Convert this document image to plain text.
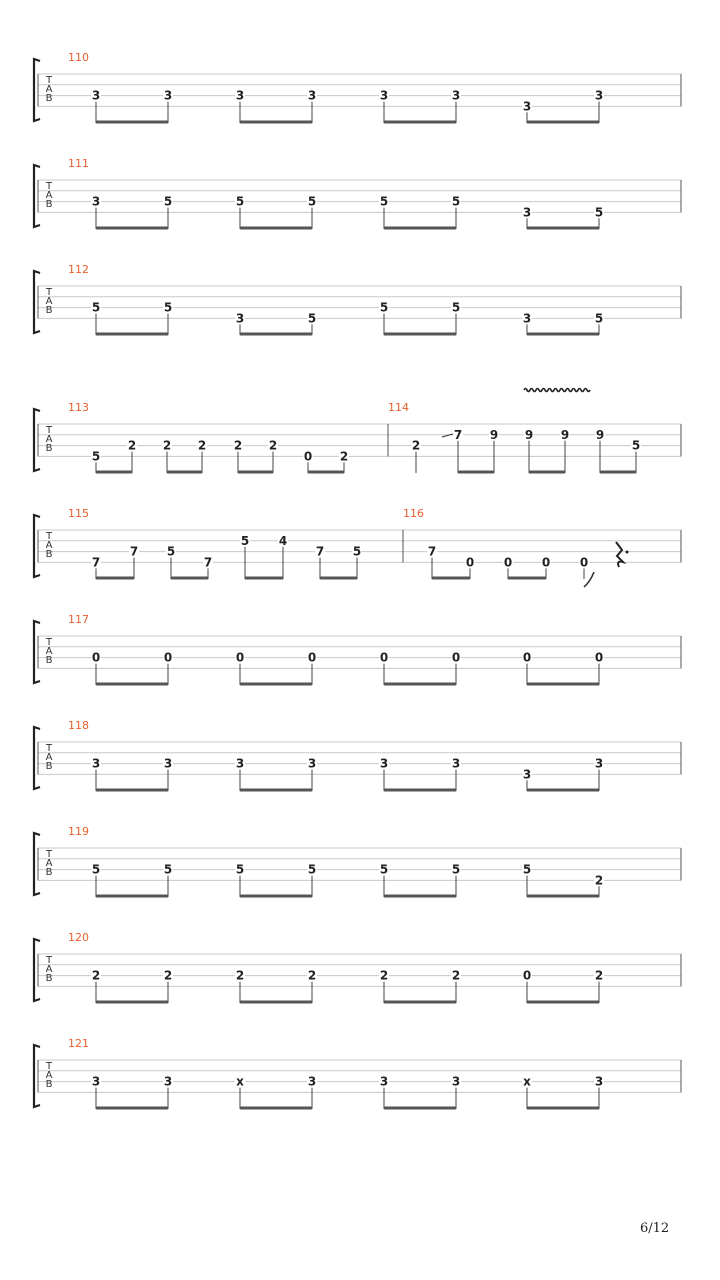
T
A
B
110
3	3	3	3	3	3
3
3
T
A
B
111
3	5	5	5	5	5
3	5
T
A
B
112
5	5
3	5
5	5
3	5
T
A
B
113
5
2 2 2 2 2
0 2
114
2
7 9 9 9 9
5
T
A
B
115
7
7 5
7
5 4
7 5
116
7
0 0 0 0
T
A
B
117
0	0	0	0	0	0	0	0
T
A
B
118
3	3	3	3	3	3
3
3
T
A
B
119
5	5	5	5	5	5	5
2
T
A
B
120
2	2	2	2	2	2	0	2
T
A
B
121
3	3	x	3	3	3	x	3
6/12
